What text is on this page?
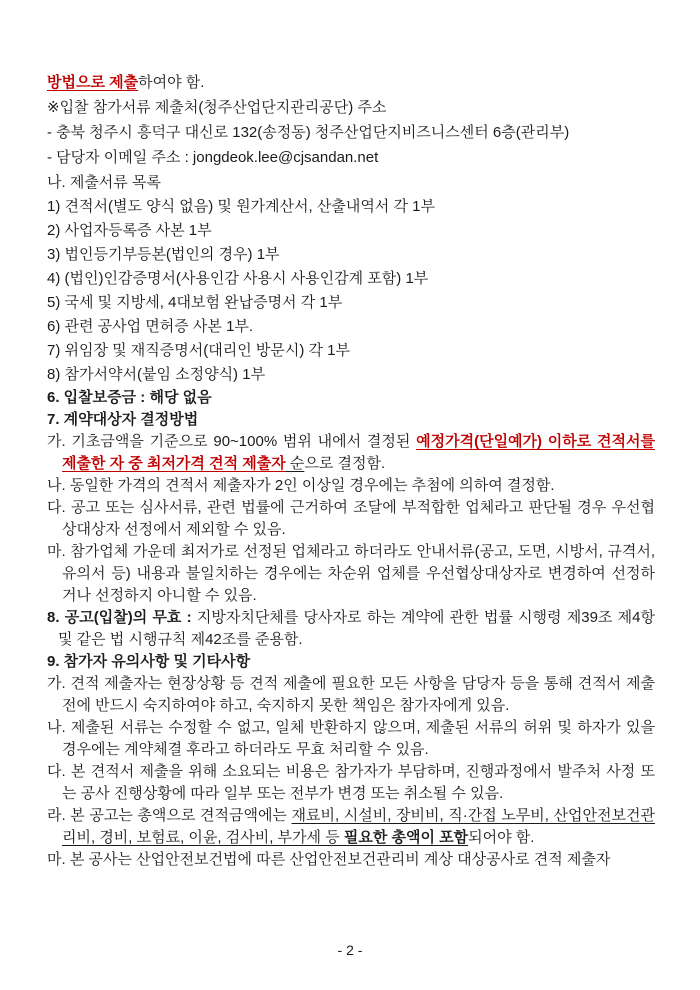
방법으로 제출하여야 함.

※입찰 참가서류 제출처(청주산업단지관리공단) 주소

- 충북 청주시 흥덕구 대신로 132(송정동) 청주산업단지비즈니스센터 6층(관리부)

- 담당자 이메일 주소 : jongdeok.lee@cjsandan.net

나. 제출서류 목록

1) 견적서(별도 양식 없음) 및 원가계산서, 산출내역서 각 1부

2) 사업자등록증 사본 1부

3) 법인등기부등본(법인의 경우) 1부

4) (법인)인감증명서(사용인감 사용시 사용인감계 포함) 1부

5) 국세 및 지방세, 4대보험 완납증명서 각 1부

6) 관련 공사업 면허증 사본 1부.

7) 위임장 및 재직증명서(대리인 방문시) 각 1부

8) 참가서약서(붙임 소정양식) 1부

6. 입찰보증금 : 해당 없음

7. 계약대상자 결정방법

가. 기초금액을 기준으로 90~100% 범위 내에서 결정된 예정가격(단일예가) 이하로 견적서를 제출한 자 중 최저가격 견적 제출자 순으로 결정함.

나. 동일한 가격의 견적서 제출자가 2인 이상일 경우에는 추첨에 의하여 결정함.

다. 공고 또는 심사서류, 관련 법률에 근거하여 조달에 부적합한 업체라고 판단될 경우 우선협상대상자 선정에서 제외할 수 있음.

마. 참가업체 가운데 최저가로 선정된 업체라고 하더라도 안내서류(공고, 도면, 시방서, 규격서, 유의서 등) 내용과 불일치하는 경우에는 차순위 업체를 우선협상대상자로 변경하여 선정하거나 선정하지 아니할 수 있음.

8. 공고(입찰)의 무효 : 지방자치단체를 당사자로 하는 계약에 관한 법률 시행령 제39조 제4항 및 같은 법 시행규칙 제42조를 준용함.

9. 참가자 유의사항 및 기타사항

가. 견적 제출자는 현장상황 등 견적 제출에 필요한 모든 사항을 담당자 등을 통해 견적서 제출 전에 반드시 숙지하여야 하고, 숙지하지 못한 책임은 참가자에게 있음.

나. 제출된 서류는 수정할 수 없고, 일체 반환하지 않으며, 제출된 서류의 허위 및 하자가 있을 경우에는 계약체결 후라고 하더라도 무효 처리할 수 있음.

다. 본 견적서 제출을 위해 소요되는 비용은 참가자가 부담하며, 진행과정에서 발주처 사정 또는 공사 진행상황에 따라 일부 또는 전부가 변경 또는 취소될 수 있음.

라. 본 공고는 총액으로 견적금액에는 재료비, 시설비, 장비비, 직·간접 노무비, 산업안전보건관리비, 경비, 보험료, 이윤, 검사비, 부가세 등 필요한 총액이 포함되어야 함.

마. 본 공사는 산업안전보건법에 따른 산업안전보건관리비 계상 대상공사로 견적 제출자

- 2 -
